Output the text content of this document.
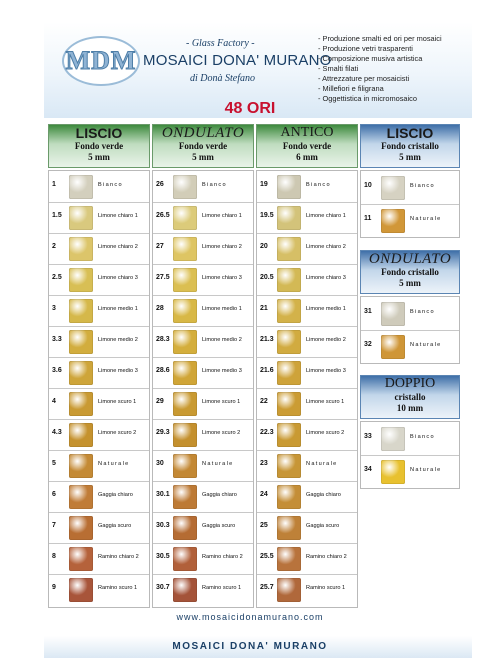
MDM
- Glass Factory -
MOSAICI DONA' MURANO
di Donà Stefano
- Produzione smalti ed ori per mosaici
- Produzione vetri trasparenti
- Composizione musiva artistica
- Smalti filati
- Attrezzature per mosaicisti
- Millefiori e filigrana
- Oggettistica in micromosaico
48 ORI
LISCIO
Fondo verde
5 mm
ONDULATO
Fondo verde
5 mm
ANTICO
Fondo verde
6 mm
1	Bianco
1.5	Limone chiaro 1
2	Limone chiaro 2
2.5	Limone chiaro 3
3	Limone medio 1
3.3	Limone medio 2
3.6	Limone medio 3
4	Limone scuro 1
4.3	Limone scuro 2
5	Naturale
6	Gaggia chiaro
7	Gaggia scuro
8	Ramino chiaro 2
9	Ramino scuro 1
26	Bianco
26.5	Limone chiaro 1
27	Limone chiaro 2
27.5	Limone chiaro 3
28	Limone medio 1
28.3	Limone medio 2
28.6	Limone medio 3
29	Limone scuro 1
29.3	Limone scuro 2
30	Naturale
30.1	Gaggia chiaro
30.3	Gaggia scuro
30.5	Ramino chiaro 2
30.7	Ramino scuro 1
19	Bianco
19.5	Limone chiaro 1
20	Limone chiaro 2
20.5	Limone chiaro 3
21	Limone medio 1
21.3	Limone medio 2
21.6	Limone medio 3
22	Limone scuro 1
22.3	Limone scuro 2
23	Naturale
24	Gaggia chiaro
25	Gaggia scuro
25.5	Ramino chiaro 2
25.7	Ramino scuro 1
LISCIO
Fondo cristallo
5 mm
10	Bianco
11	Naturale
ONDULATO
Fondo cristallo
5 mm
31	Bianco
32	Naturale
DOPPIO
cristallo
10 mm
33	Bianco
34	Naturale
www.mosaicidonamurano.com
MOSAICI DONA' MURANO
